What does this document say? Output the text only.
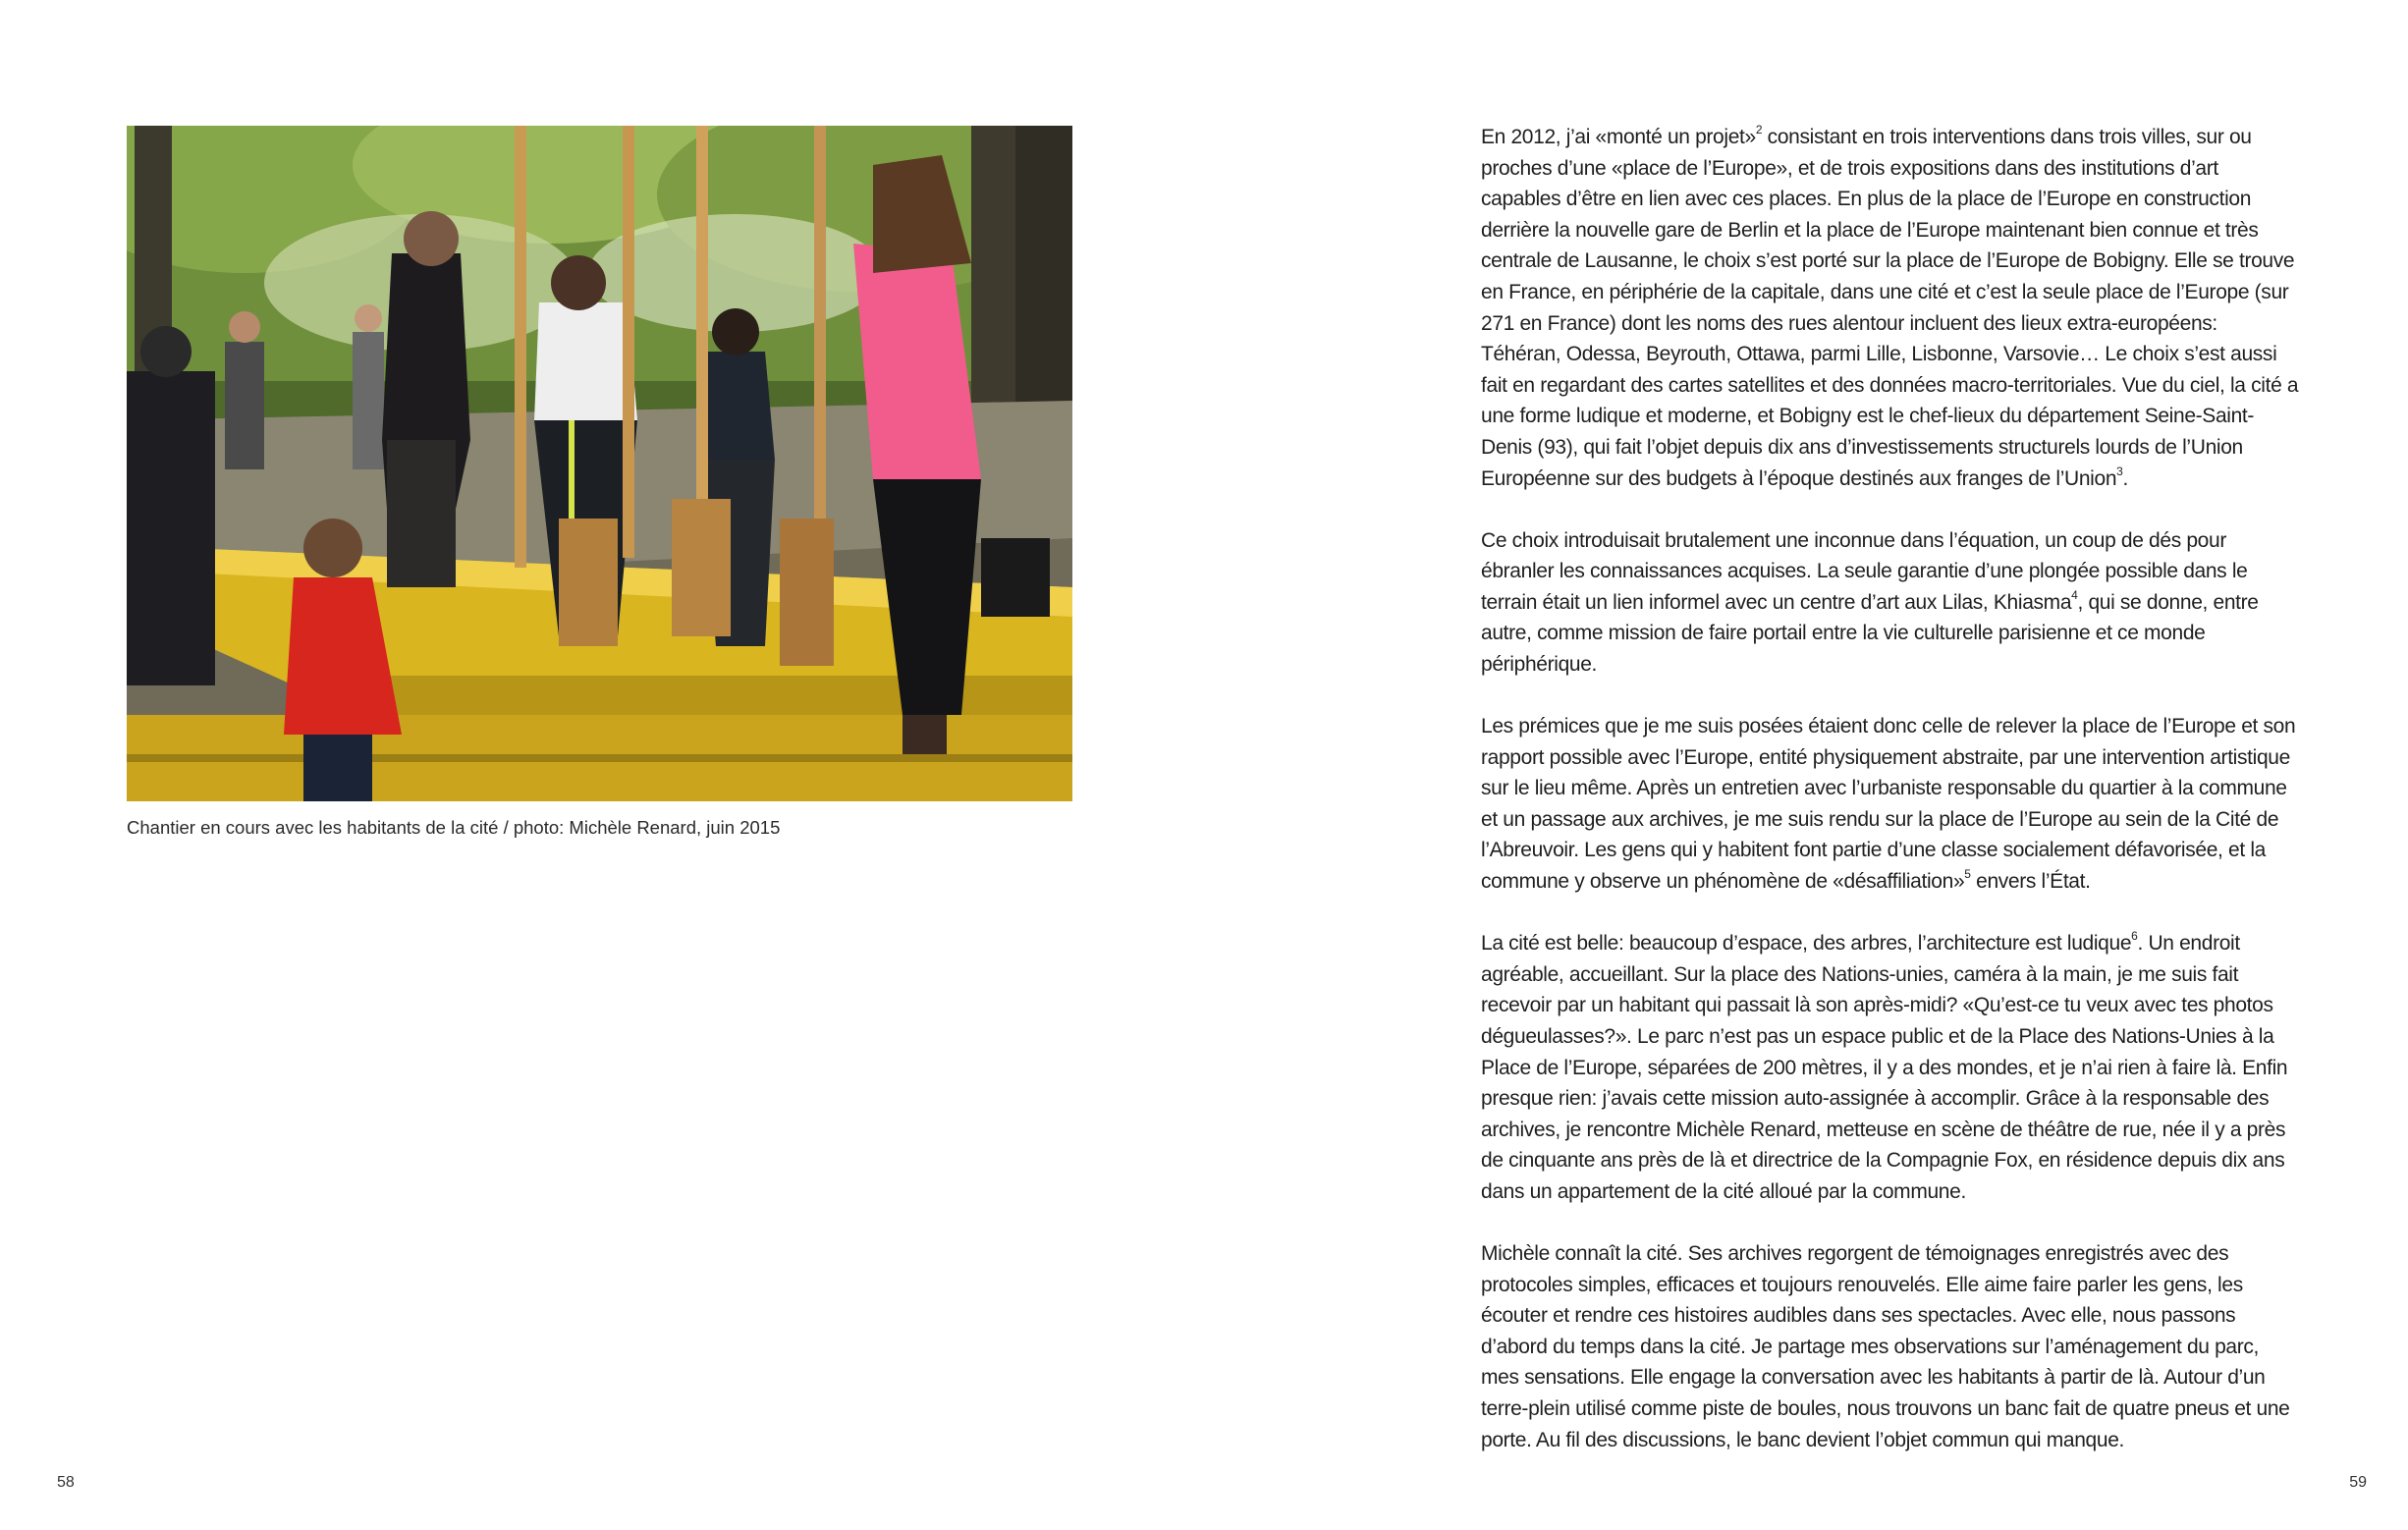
Chantier en cours avec les habitants de la cité / photo: Michèle Renard, juin 2015

58

En 2012, j’ai «monté un projet»$^2$ consistant en trois interventions dans trois villes, sur ou proches d’une «place de l’Europe», et de trois expositions dans des institutions d’art capables d’être en lien avec ces places. En plus de la place de l’Europe en construction derrière la nouvelle gare de Berlin et la place de l’Europe maintenant bien connue et très centrale de Lausanne, le choix s’est porté sur la place de l’Europe de Bobigny. Elle se trouve en France, en périphérie de la capitale, dans une cité et c’est la seule place de l’Europe (sur 271 en France) dont les noms des rues alentour incluent des lieux extra-européens: Téhéran, Odessa, Beyrouth, Ottawa, parmi Lille, Lisbonne, Varsovie… Le choix s’est aussi fait en regardant des cartes satellites et des données macro-territoriales. Vue du ciel, la cité a une forme ludique et moderne, et Bobigny est le chef-lieux du département Seine-Saint-Denis (93), qui fait l’objet depuis dix ans d’investissements structurels lourds de l’Union Européenne sur des budgets à l’époque destinés aux franges de l’Union$^3$.

Ce choix introduisait brutalement une inconnue dans l’équation, un coup de dés pour ébranler les connaissances acquises. La seule garantie d’une plongée possible dans le terrain était un lien informel avec un centre d’art aux Lilas, Khiasma$^4$, qui se donne, entre autre, comme mission de faire portail entre la vie culturelle parisienne et ce monde périphérique.

Les prémices que je me suis posées étaient donc celle de relever la place de l’Europe et son rapport possible avec l’Europe, entité physiquement abstraite, par une intervention artistique sur le lieu même. Après un entretien avec l’urbaniste responsable du quartier à la commune et un passage aux archives, je me suis rendu sur la place de l’Europe au sein de la Cité de l’Abreuvoir. Les gens qui y habitent font partie d’une classe socialement défavorisée, et la commune y observe un phénomène de «désaffiliation»$^5$ envers l’État.

La cité est belle: beaucoup d’espace, des arbres, l’architecture est ludique$^6$. Un endroit agréable, accueillant. Sur la place des Nations-unies, caméra à la main, je me suis fait recevoir par un habitant qui passait là son après-midi? «Qu’est-ce tu veux avec tes photos dégueulasses?». Le parc n’est pas un espace public et de la Place des Nations-Unies à la Place de l’Europe, séparées de 200 mètres, il y a des mondes, et je n’ai rien à faire là. Enfin presque rien: j’avais cette mission auto-assignée à accomplir. Grâce à la responsable des archives, je rencontre Michèle Renard, metteuse en scène de théâtre de rue, née il y a près de cinquante ans près de là et directrice de la Compagnie Fox, en résidence depuis dix ans dans un appartement de la cité alloué par la commune.

Michèle connaît la cité. Ses archives regorgent de témoignages enregistrés avec des protocoles simples, efficaces et toujours renouvelés. Elle aime faire parler les gens, les écouter et rendre ces histoires audibles dans ses spectacles. Avec elle, nous passons d’abord du temps dans la cité. Je partage mes observations sur l’aménagement du parc, mes sensations. Elle engage la conversation avec les habitants à partir de là. Autour d’un terre-plein utilisé comme piste de boules, nous trouvons un banc fait de quatre pneus et une porte. Au fil des discussions, le banc devient l’objet commun qui manque.

59
